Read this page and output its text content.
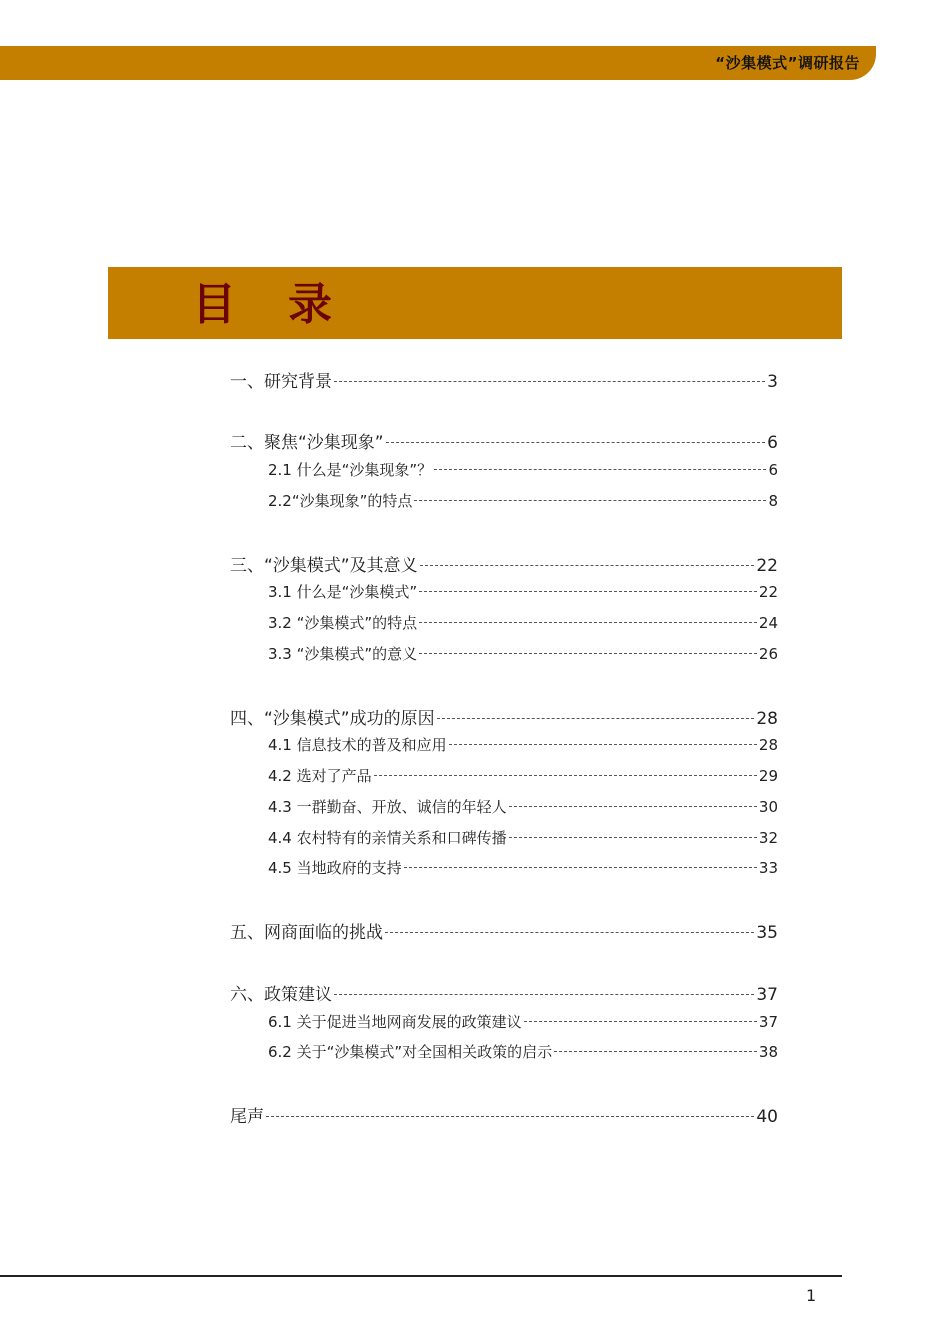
“沙集模式”调研报告
目录
一、研究背景	3
二、聚焦“沙集现象”	6
2.1 什么是“沙集现象”？	6
2.2“沙集现象”的特点	8
三、“沙集模式”及其意义	22
3.1 什么是“沙集模式”	22
3.2 “沙集模式”的特点	24
3.3 “沙集模式”的意义	26
四、“沙集模式”成功的原因	28
4.1 信息技术的普及和应用	28
4.2 选对了产品	29
4.3 一群勤奋、开放、诚信的年轻人	30
4.4 农村特有的亲情关系和口碑传播	32
4.5 当地政府的支持	33
五、网商面临的挑战	35
六、政策建议	37
6.1 关于促进当地网商发展的政策建议	37
6.2 关于“沙集模式”对全国相关政策的启示	38
尾声	40
1
